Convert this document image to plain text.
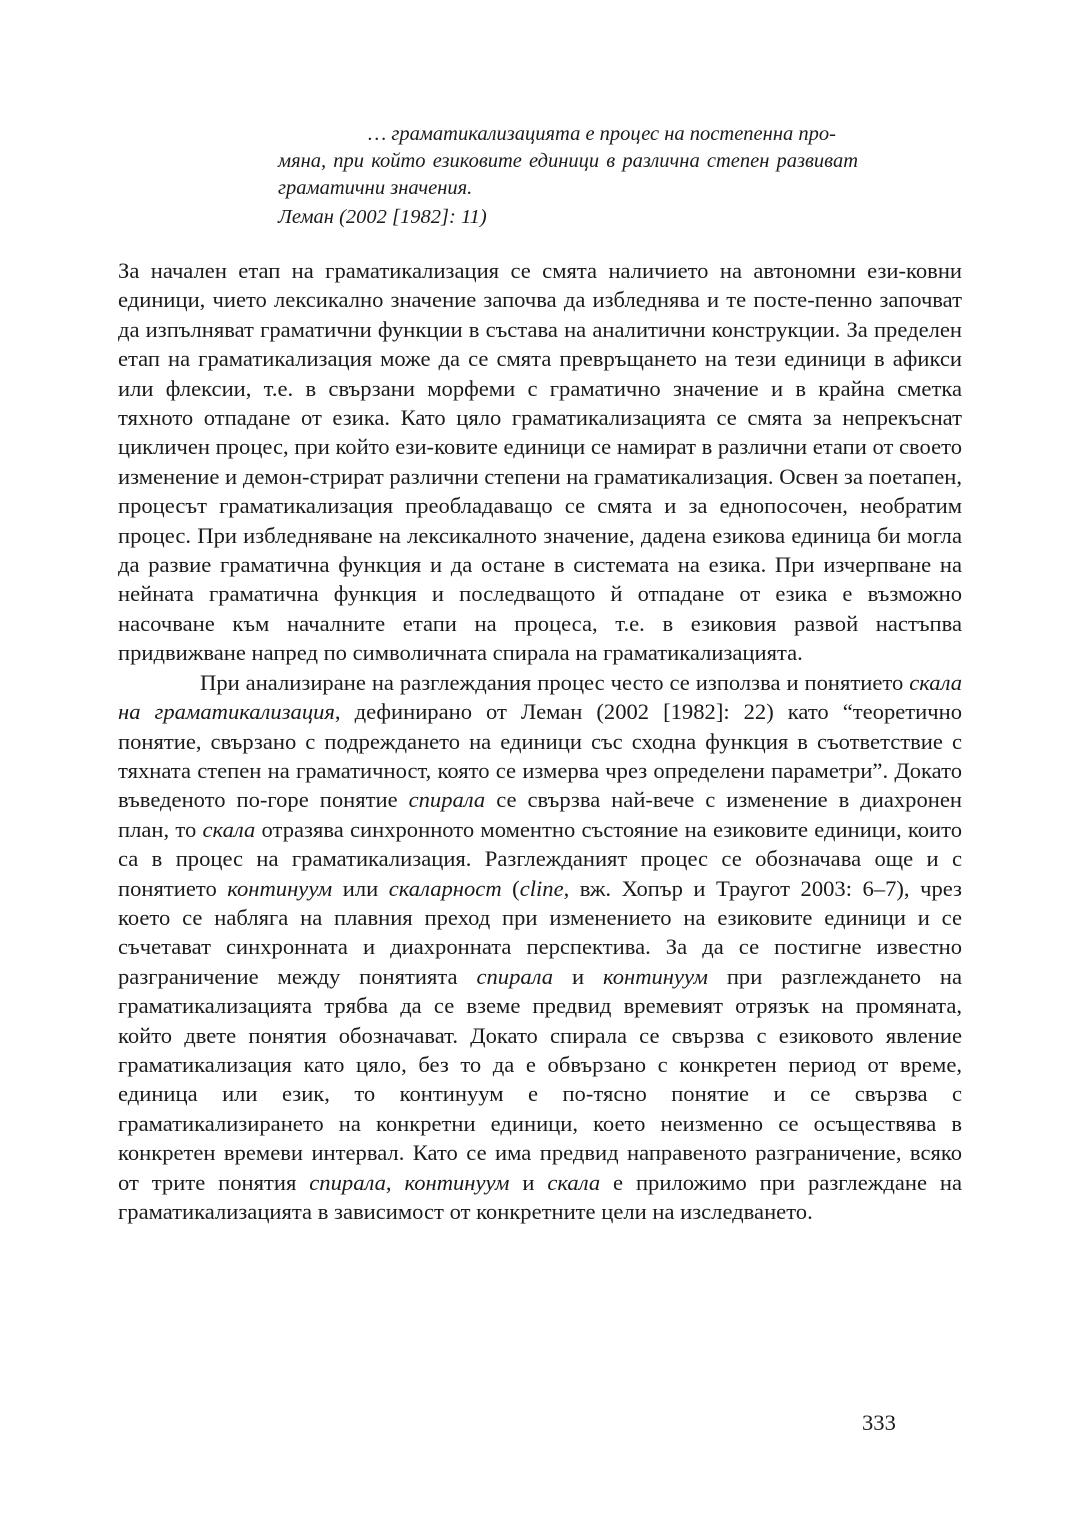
… граматикализацията е процес на постепенна про-
мяна, при който езиковите единици в различна степен развиват граматични значения.
Леман (2002 [1982]: 11)

За начален етап на граматикализация се смята наличието на автономни ези-ковни единици, чието лексикално значение започва да избледнява и те посте-пенно започват да изпълняват граматични функции в състава на аналитични конструкции. За пределен етап на граматикализация може да се смята превръщането на тези единици в афикси или флексии, т.е. в свързани морфеми с граматично значение и в крайна сметка тяхното отпадане от езика. Като цяло граматикализацията се смята за непрекъснат цикличен процес, при който ези-ковите единици се намират в различни етапи от своето изменение и демон-стрират различни степени на граматикализация. Освен за поетапен, процесът граматикализация преобладаващо се смята и за еднопосочен, необратим процес. При избледняване на лексикалното значение, дадена езикова единица би могла да развие граматична функция и да остане в системата на езика. При изчерпване на нейната граматична функция и последващото й отпадане от езика е възможно насочване към началните етапи на процеса, т.е. в езиковия развой настъпва придвижване напред по символичната спирала на граматикализацията.

При анализиране на разглеждания процес често се използва и понятието скала на граматикализация, дефинирано от Леман (2002 [1982]: 22) като “теоретично понятие, свързано с подреждането на единици със сходна функция в съответствие с тяхната степен на граматичност, която се измерва чрез определени параметри”. Докато въведеното по-горе понятие спирала се свързва най-вече с изменение в диахронен план, то скала отразява синхронното моментно състояние на езиковите единици, които са в процес на граматикализация. Разглежданият процес се обозначава още и с понятието континуум или скаларност (cline, вж. Хопър и Траугот 2003: 6–7), чрез което се набляга на плавния преход при изменението на езиковите единици и се съчетават синхронната и диахронната перспектива. За да се постигне известно разграничение между понятията спирала и континуум при разглеждането на граматикализацията трябва да се вземе предвид времевият отрязък на промяната, който двете понятия обозначават. Докато спирала се свързва с езиковото явление граматикализация като цяло, без то да е обвързано с конкретен период от време, единица или език, то континуум е по-тясно понятие и се свързва с граматикализирането на конкретни единици, което неизменно се осъществява в конкретен времеви интервал. Като се има предвид направеното разграничение, всяко от трите понятия спирала, континуум и скала е приложимо при разглеждане на граматикализацията в зависимост от конкретните цели на изследването.

333
